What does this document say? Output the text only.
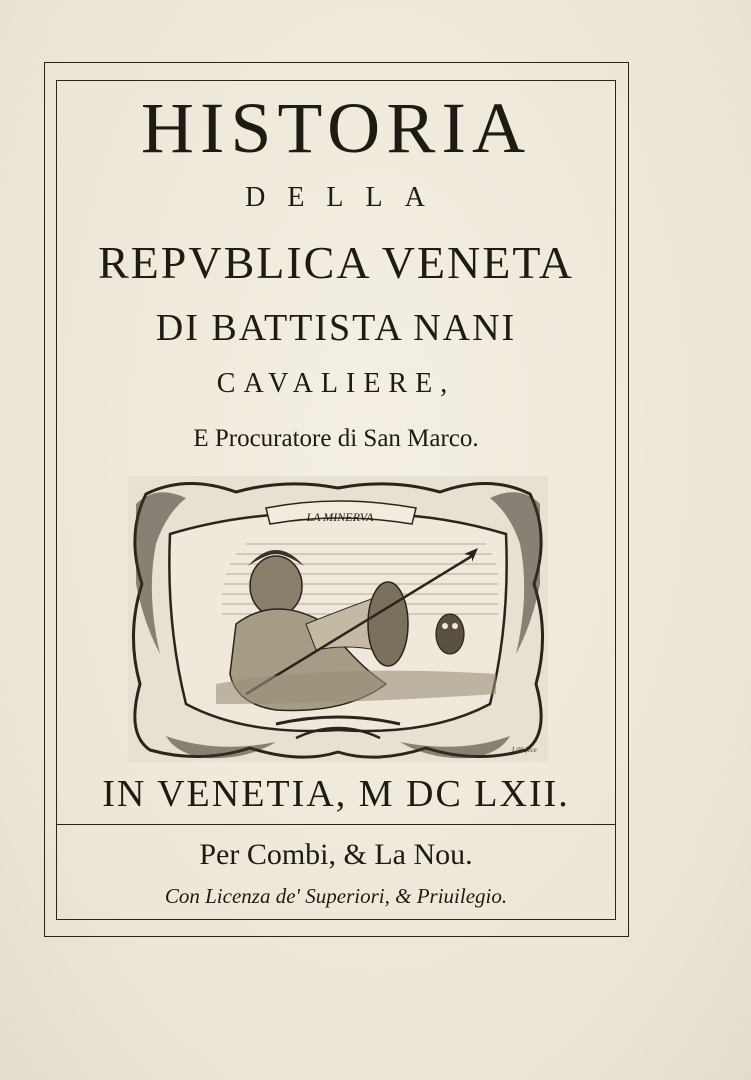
HISTORIA
DELLA
REPVBLICA VENETA
DI BATTISTA NANI
CAVALIERE,
E Procuratore di San Marco.
LA MINERVA
Lilli fece
IN VENETIA, M DC LXII.
Per Combi, & La Nou.
Con Licenza de' Superiori, & Priuilegio.
